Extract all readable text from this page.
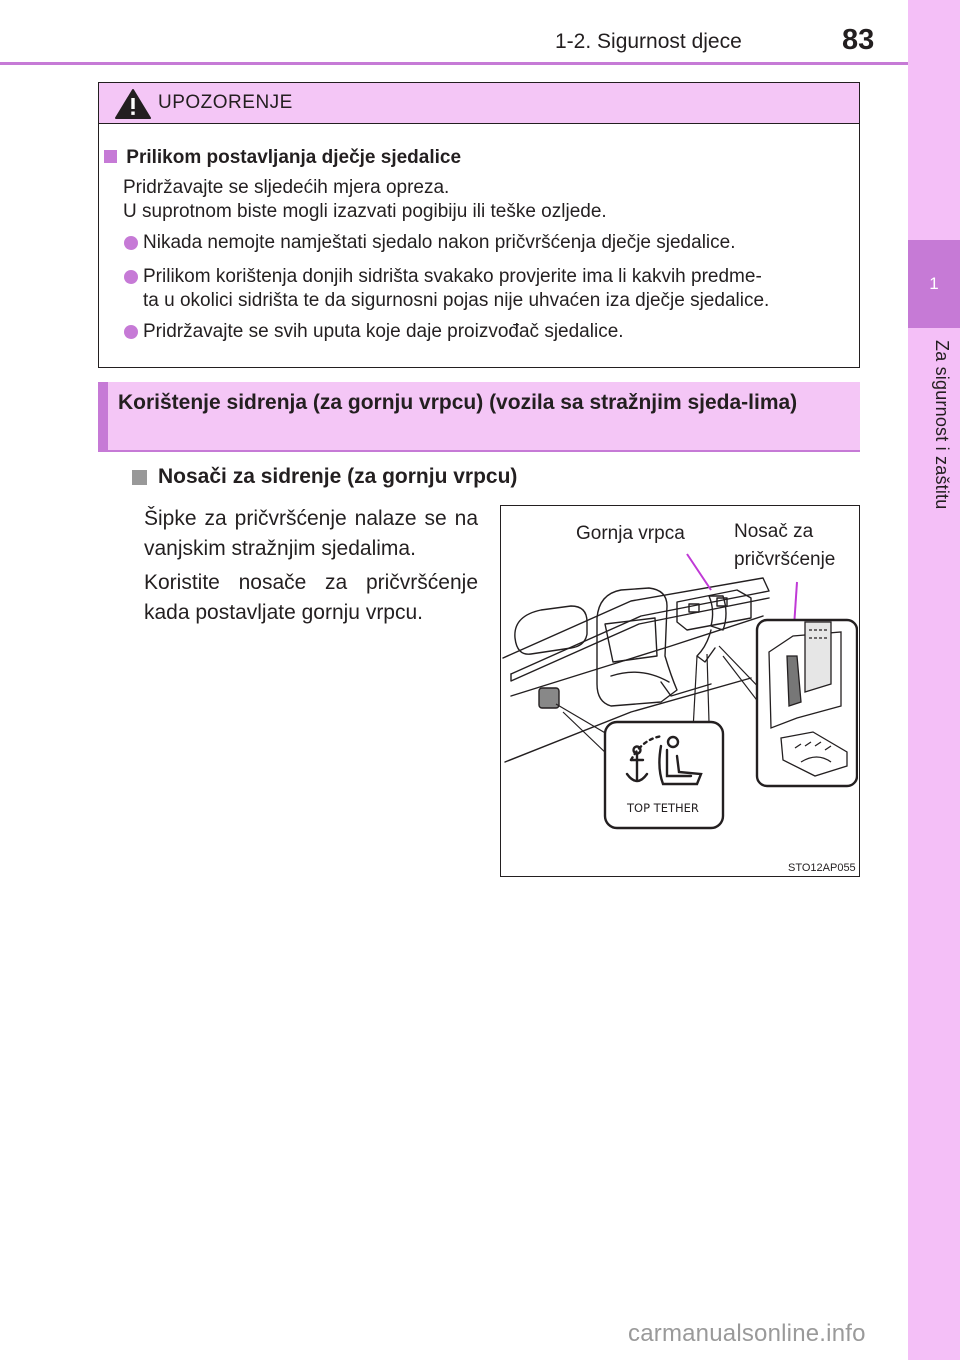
1-2. Sigurnost djece	83
1
Za sigurnost i zaštitu
UPOZORENJE
Prilikom postavljanja dječje sjedalice
Pridržavajte se sljedećih mjera opreza.
U suprotnom biste mogli izazvati pogibiju ili teške ozljede.
Nikada nemojte namještati sjedalo nakon pričvršćenja dječje sjedalice.
Prilikom korištenja donjih sidrišta svakako provjerite ima li kakvih predme-
ta u okolici sidrišta te da sigurnosni pojas nije uhvaćen iza dječje sjedalice.
Pridržavajte se svih uputa koje daje proizvođač sjedalice.
Korištenje sidrenja (za gornju vrpcu) (vozila sa stražnjim sjeda-lima)
Nosači za sidrenje (za gornju vrpcu)
Šipke za pričvršćenje nalaze se na vanjskim stražnjim sjedalima.
Koristite nosače za pričvršćenje kada postavljate gornju vrpcu.
TOP TETHER
Gornja vrpca	Nosač za
pričvršćenje
STO12AP055
carmanualsonline.info
